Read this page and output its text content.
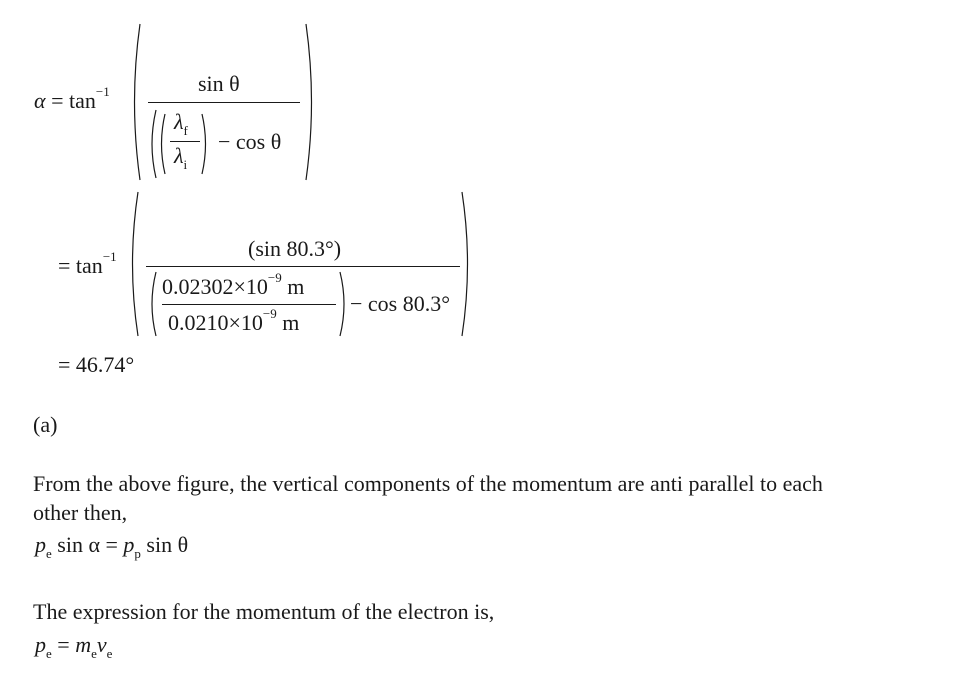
$\alpha = \tan^{-1}$	sin θ
$\lambda_f$
$\lambda_i$
− cos θ
= $\tan^{-1}$	(sin 80.3°)
$0.02302\times 10^{-9}$ m
$0.0210\times 10^{-9}$ m
− cos 80.3°
= 46.74°
(a)
From the above figure, the vertical components of the momentum are anti parallel to each
other then,
$p_e$ $\sin \alpha = p_p$ sin θ
The expression for the momentum of the electron is,
$p_e = m_ev_e$
